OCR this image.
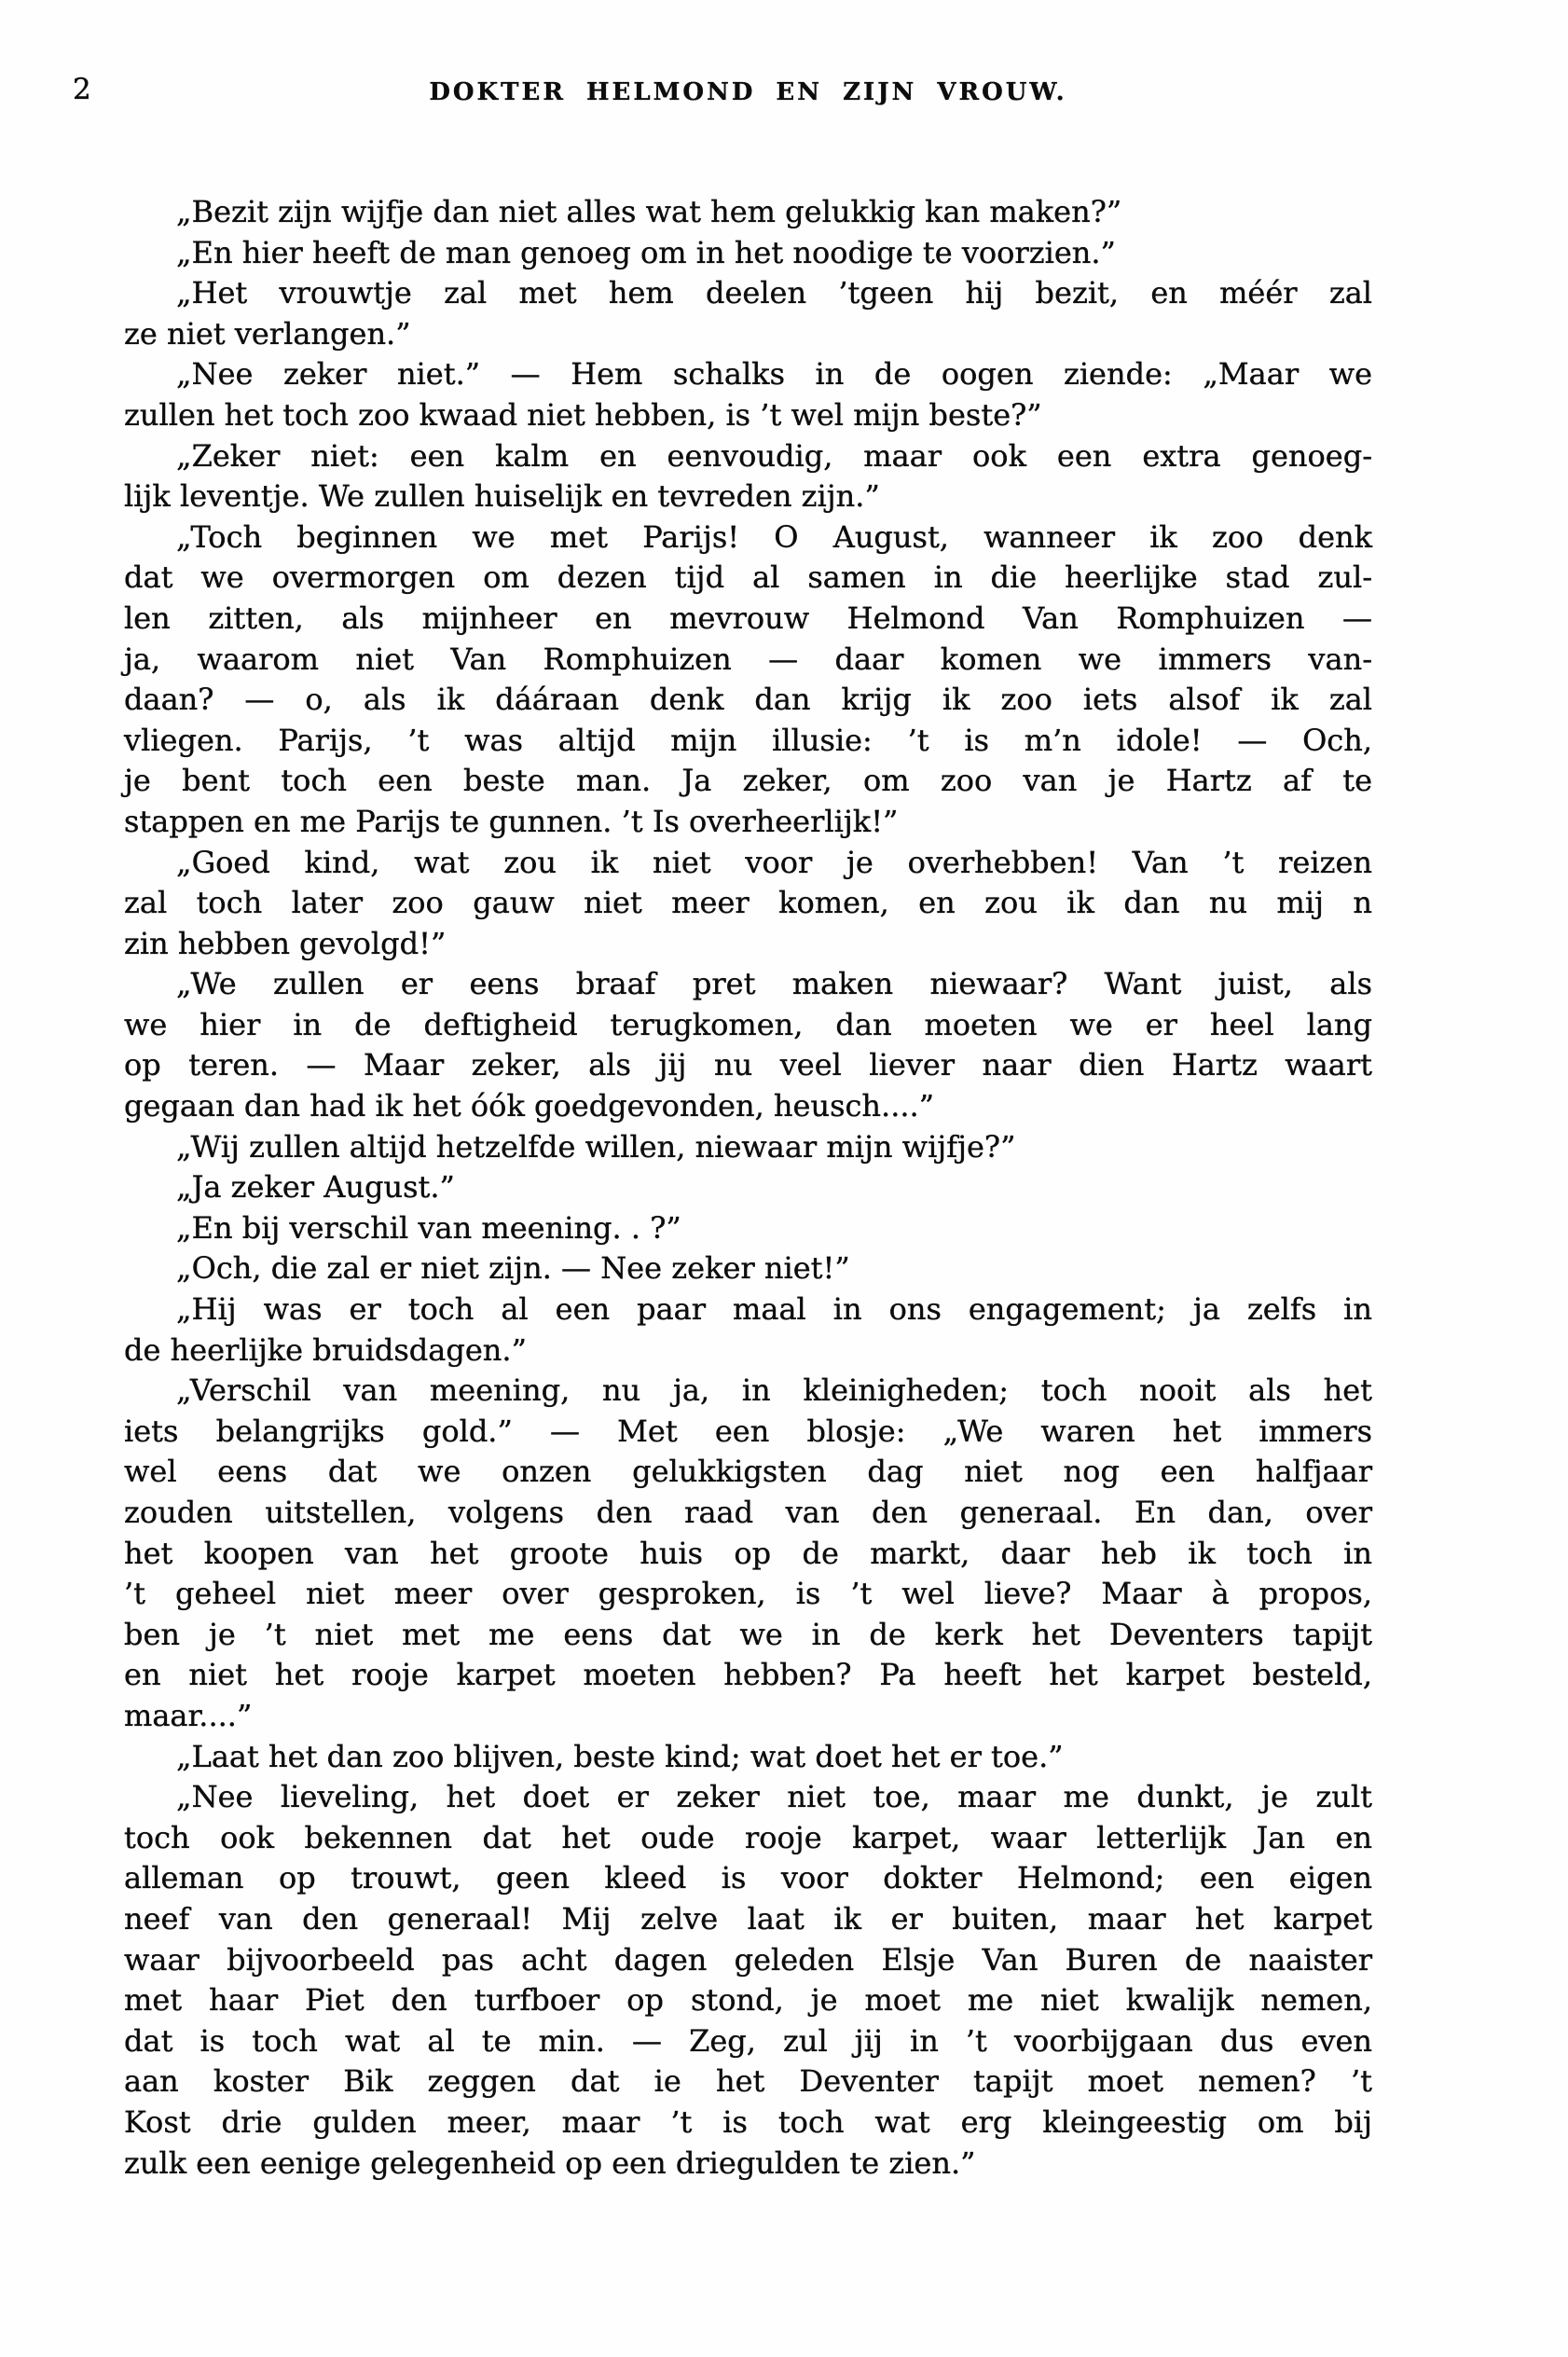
2	DOKTER HELMOND EN ZIJN VROUW.
„Bezit zijn wijfje dan niet alles wat hem gelukkig kan maken?”
„En hier heeft de man genoeg om in het noodige te voorzien.”
„Het vrouwtje zal met hem deelen ’tgeen hij bezit, en méér zal
ze niet verlangen.”
„Nee zeker niet.” — Hem schalks in de oogen ziende: „Maar we
zullen het toch zoo kwaad niet hebben, is ’t wel mijn beste?”
„Zeker niet: een kalm en eenvoudig, maar ook een extra genoeg-
lijk leventje. We zullen huiselijk en tevreden zijn.”
„Toch beginnen we met Parijs! O August, wanneer ik zoo denk
dat we overmorgen om dezen tijd al samen in die heerlijke stad zul-
len zitten, als mijnheer en mevrouw Helmond Van Romphuizen —
ja, waarom niet Van Romphuizen — daar komen we immers van-
daan? — o, als ik dááraan denk dan krijg ik zoo iets alsof ik zal
vliegen. Parijs, ’t was altijd mijn illusie: ’t is m’n idole! — Och,
je bent toch een beste man. Ja zeker, om zoo van je Hartz af te
stappen en me Parijs te gunnen. ’t Is overheerlijk!”
„Goed kind, wat zou ik niet voor je overhebben! Van ’t reizen
zal toch later zoo gauw niet meer komen, en zou ik dan nu mij n
zin hebben gevolgd!”
„We zullen er eens braaf pret maken niewaar? Want juist, als
we hier in de deftigheid terugkomen, dan moeten we er heel lang
op teren. — Maar zeker, als jij nu veel liever naar dien Hartz waart
gegaan dan had ik het óók goedgevonden, heusch....”
„Wij zullen altijd hetzelfde willen, niewaar mijn wijfje?”
„Ja zeker August.”
„En bij verschil van meening. . ?”
„Och, die zal er niet zijn. — Nee zeker niet!”
„Hij was er toch al een paar maal in ons engagement; ja zelfs in
de heerlijke bruidsdagen.”
„Verschil van meening, nu ja, in kleinigheden; toch nooit als het
iets belangrijks gold.” — Met een blosje: „We waren het immers
wel eens dat we onzen gelukkigsten dag niet nog een halfjaar
zouden uitstellen, volgens den raad van den generaal. En dan, over
het koopen van het groote huis op de markt, daar heb ik toch in
’t geheel niet meer over gesproken, is ’t wel lieve? Maar à propos,
ben je ’t niet met me eens dat we in de kerk het Deventers tapijt
en niet het rooje karpet moeten hebben? Pa heeft het karpet besteld,
maar....”
„Laat het dan zoo blijven, beste kind; wat doet het er toe.”
„Nee lieveling, het doet er zeker niet toe, maar me dunkt, je zult
toch ook bekennen dat het oude rooje karpet, waar letterlijk Jan en
alleman op trouwt, geen kleed is voor dokter Helmond; een eigen
neef van den generaal! Mij zelve laat ik er buiten, maar het karpet
waar bijvoorbeeld pas acht dagen geleden Elsje Van Buren de naaister
met haar Piet den turfboer op stond, je moet me niet kwalijk nemen,
dat is toch wat al te min. — Zeg, zul jij in ’t voorbijgaan dus even
aan koster Bik zeggen dat ie het Deventer tapijt moet nemen? ’t
Kost drie gulden meer, maar ’t is toch wat erg kleingeestig om bij
zulk een eenige gelegenheid op een driegulden te zien.”
